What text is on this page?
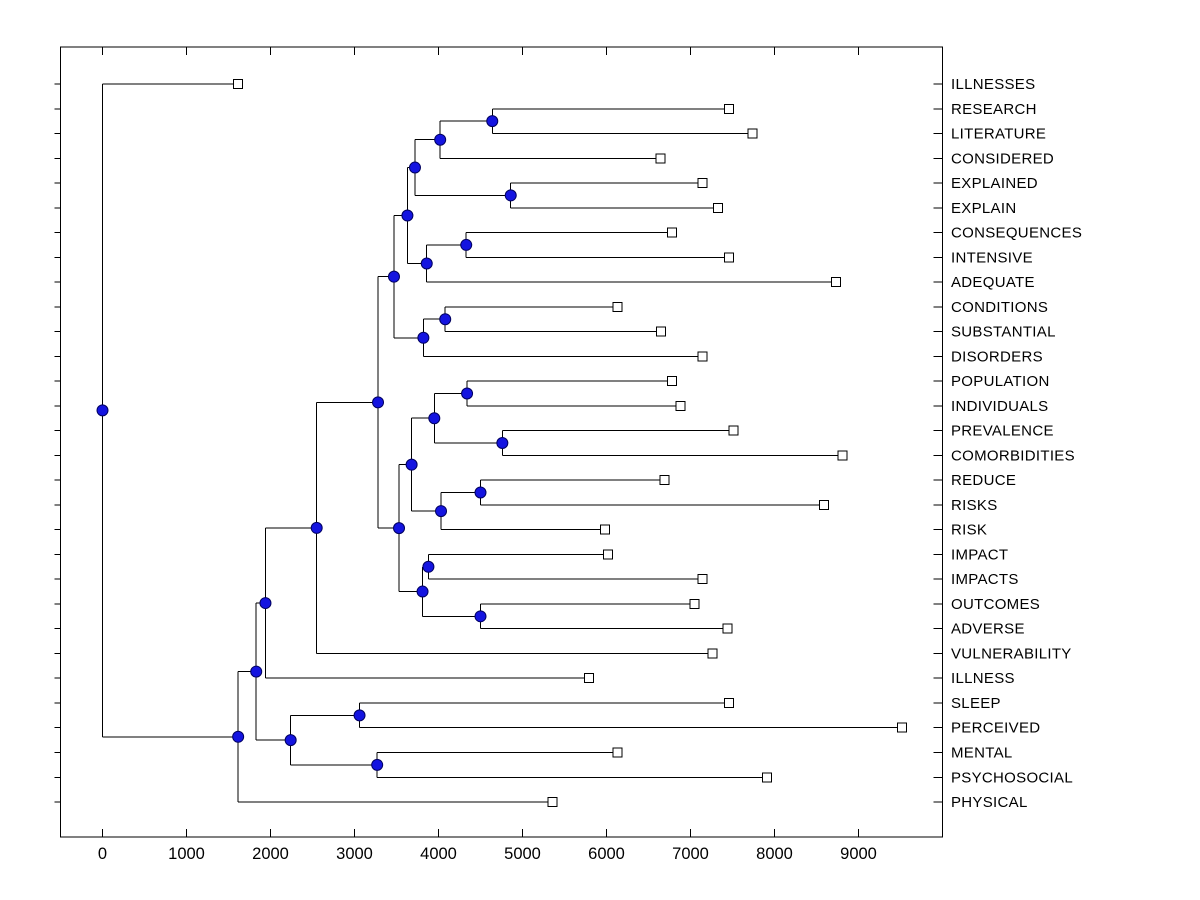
0	1000	2000	3000	4000	5000	6000	7000	8000	9000
ILLNESSES
RESEARCH
LITERATURE
CONSIDERED
EXPLAINED
EXPLAIN
CONSEQUENCES
INTENSIVE
ADEQUATE
CONDITIONS
SUBSTANTIAL
DISORDERS
POPULATION
INDIVIDUALS
PREVALENCE
COMORBIDITIES
REDUCE
RISKS
RISK
IMPACT
IMPACTS
OUTCOMES
ADVERSE
VULNERABILITY
ILLNESS
SLEEP
PERCEIVED
MENTAL
PSYCHOSOCIAL
PHYSICAL
